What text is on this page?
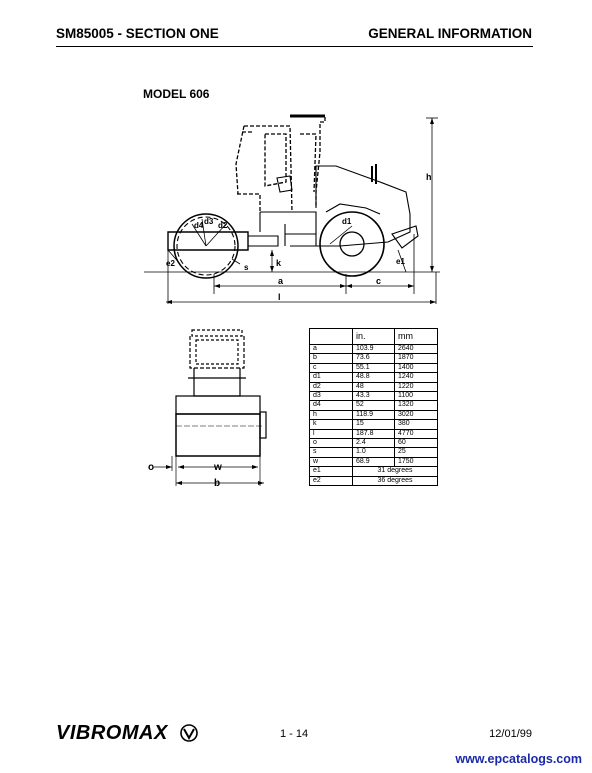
SM85005 - SECTION ONE	GENERAL INFORMATION
MODEL 606
a	c
l
h
k
s
d1
d2
d3
d4
e1
e2
w
b
o
	in.	mm
a	103.9	2640
b	73.6	1870
c	55.1	1400
d1	48.8	1240
d2	48	1220
d3	43.3	1100
d4	52	1320
h	118.9	3020
k	15	380
l	187.8	4770
o	2.4	60
s	1.0	25
w	68.9	1750
e1	31 degrees	
e2	36 degrees	
VIBROMAX	1 - 14	12/01/99
www.epcatalogs.com
